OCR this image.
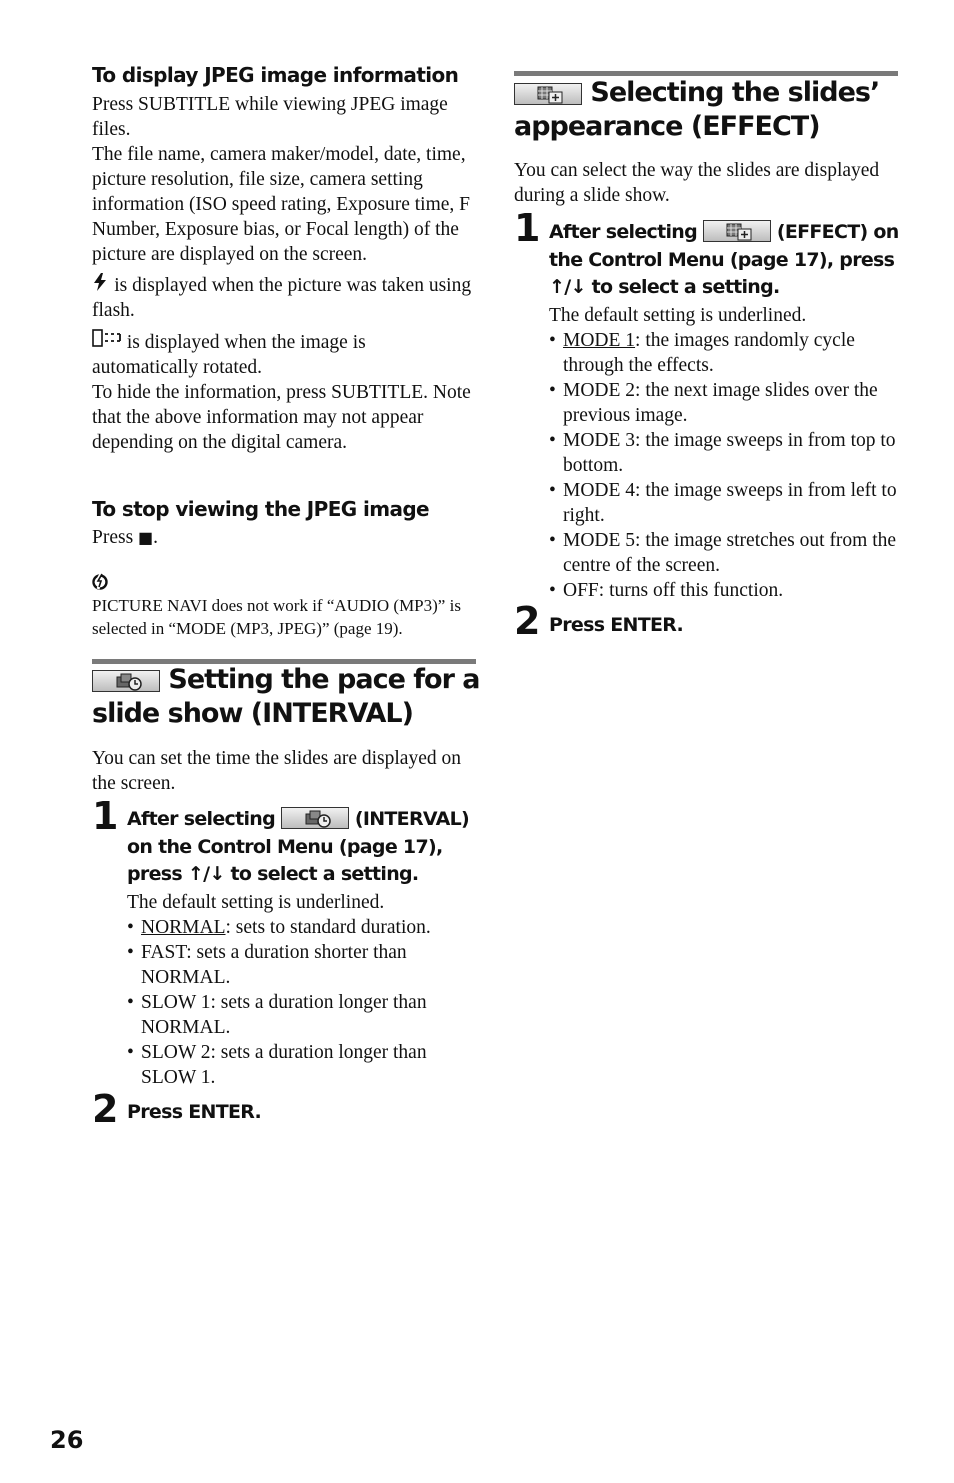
To display JPEG image information

Press SUBTITLE while viewing JPEG image files.

The file name, camera maker/model, date, time, picture resolution, file size, camera setting information (ISO speed rating, Exposure time, F Number, Exposure bias, or Focal length) of the picture are displayed on the screen.

is displayed when the picture was taken using flash.

is displayed when the image is automatically rotated.

To hide the information, press SUBTITLE. Note that the above information may not appear depending on the digital camera.

To stop viewing the JPEG image
Press ■.
PICTURE NAVI does not work if “AUDIO (MP3)” is selected in “MODE (MP3, JPEG)” (page 19).
Setting the pace for a slide show (INTERVAL)
You can set the time the slides are displayed on the screen.
1 After selecting	(INTERVAL) on the Control Menu (page 17), press ↑/↓ to select a setting.

The default setting is underlined.

• NORMAL: sets to standard duration.
• FAST: sets a duration shorter than NORMAL.
• SLOW 1: sets a duration longer than NORMAL.
• SLOW 2: sets a duration longer than SLOW 1.
2 Press ENTER.
Selecting the slides’ appearance (EFFECT)
You can select the way the slides are displayed during a slide show.
1 After selecting	(EFFECT) on the Control Menu (page 17), press ↑/↓ to select a setting.

The default setting is underlined.

• MODE 1: the images randomly cycle through the effects.
• MODE 2: the next image slides over the previous image.
• MODE 3: the image sweeps in from top to bottom.
• MODE 4: the image sweeps in from left to right.
• MODE 5: the image stretches out from the centre of the screen.
• OFF: turns off this function.
2 Press ENTER.
26
